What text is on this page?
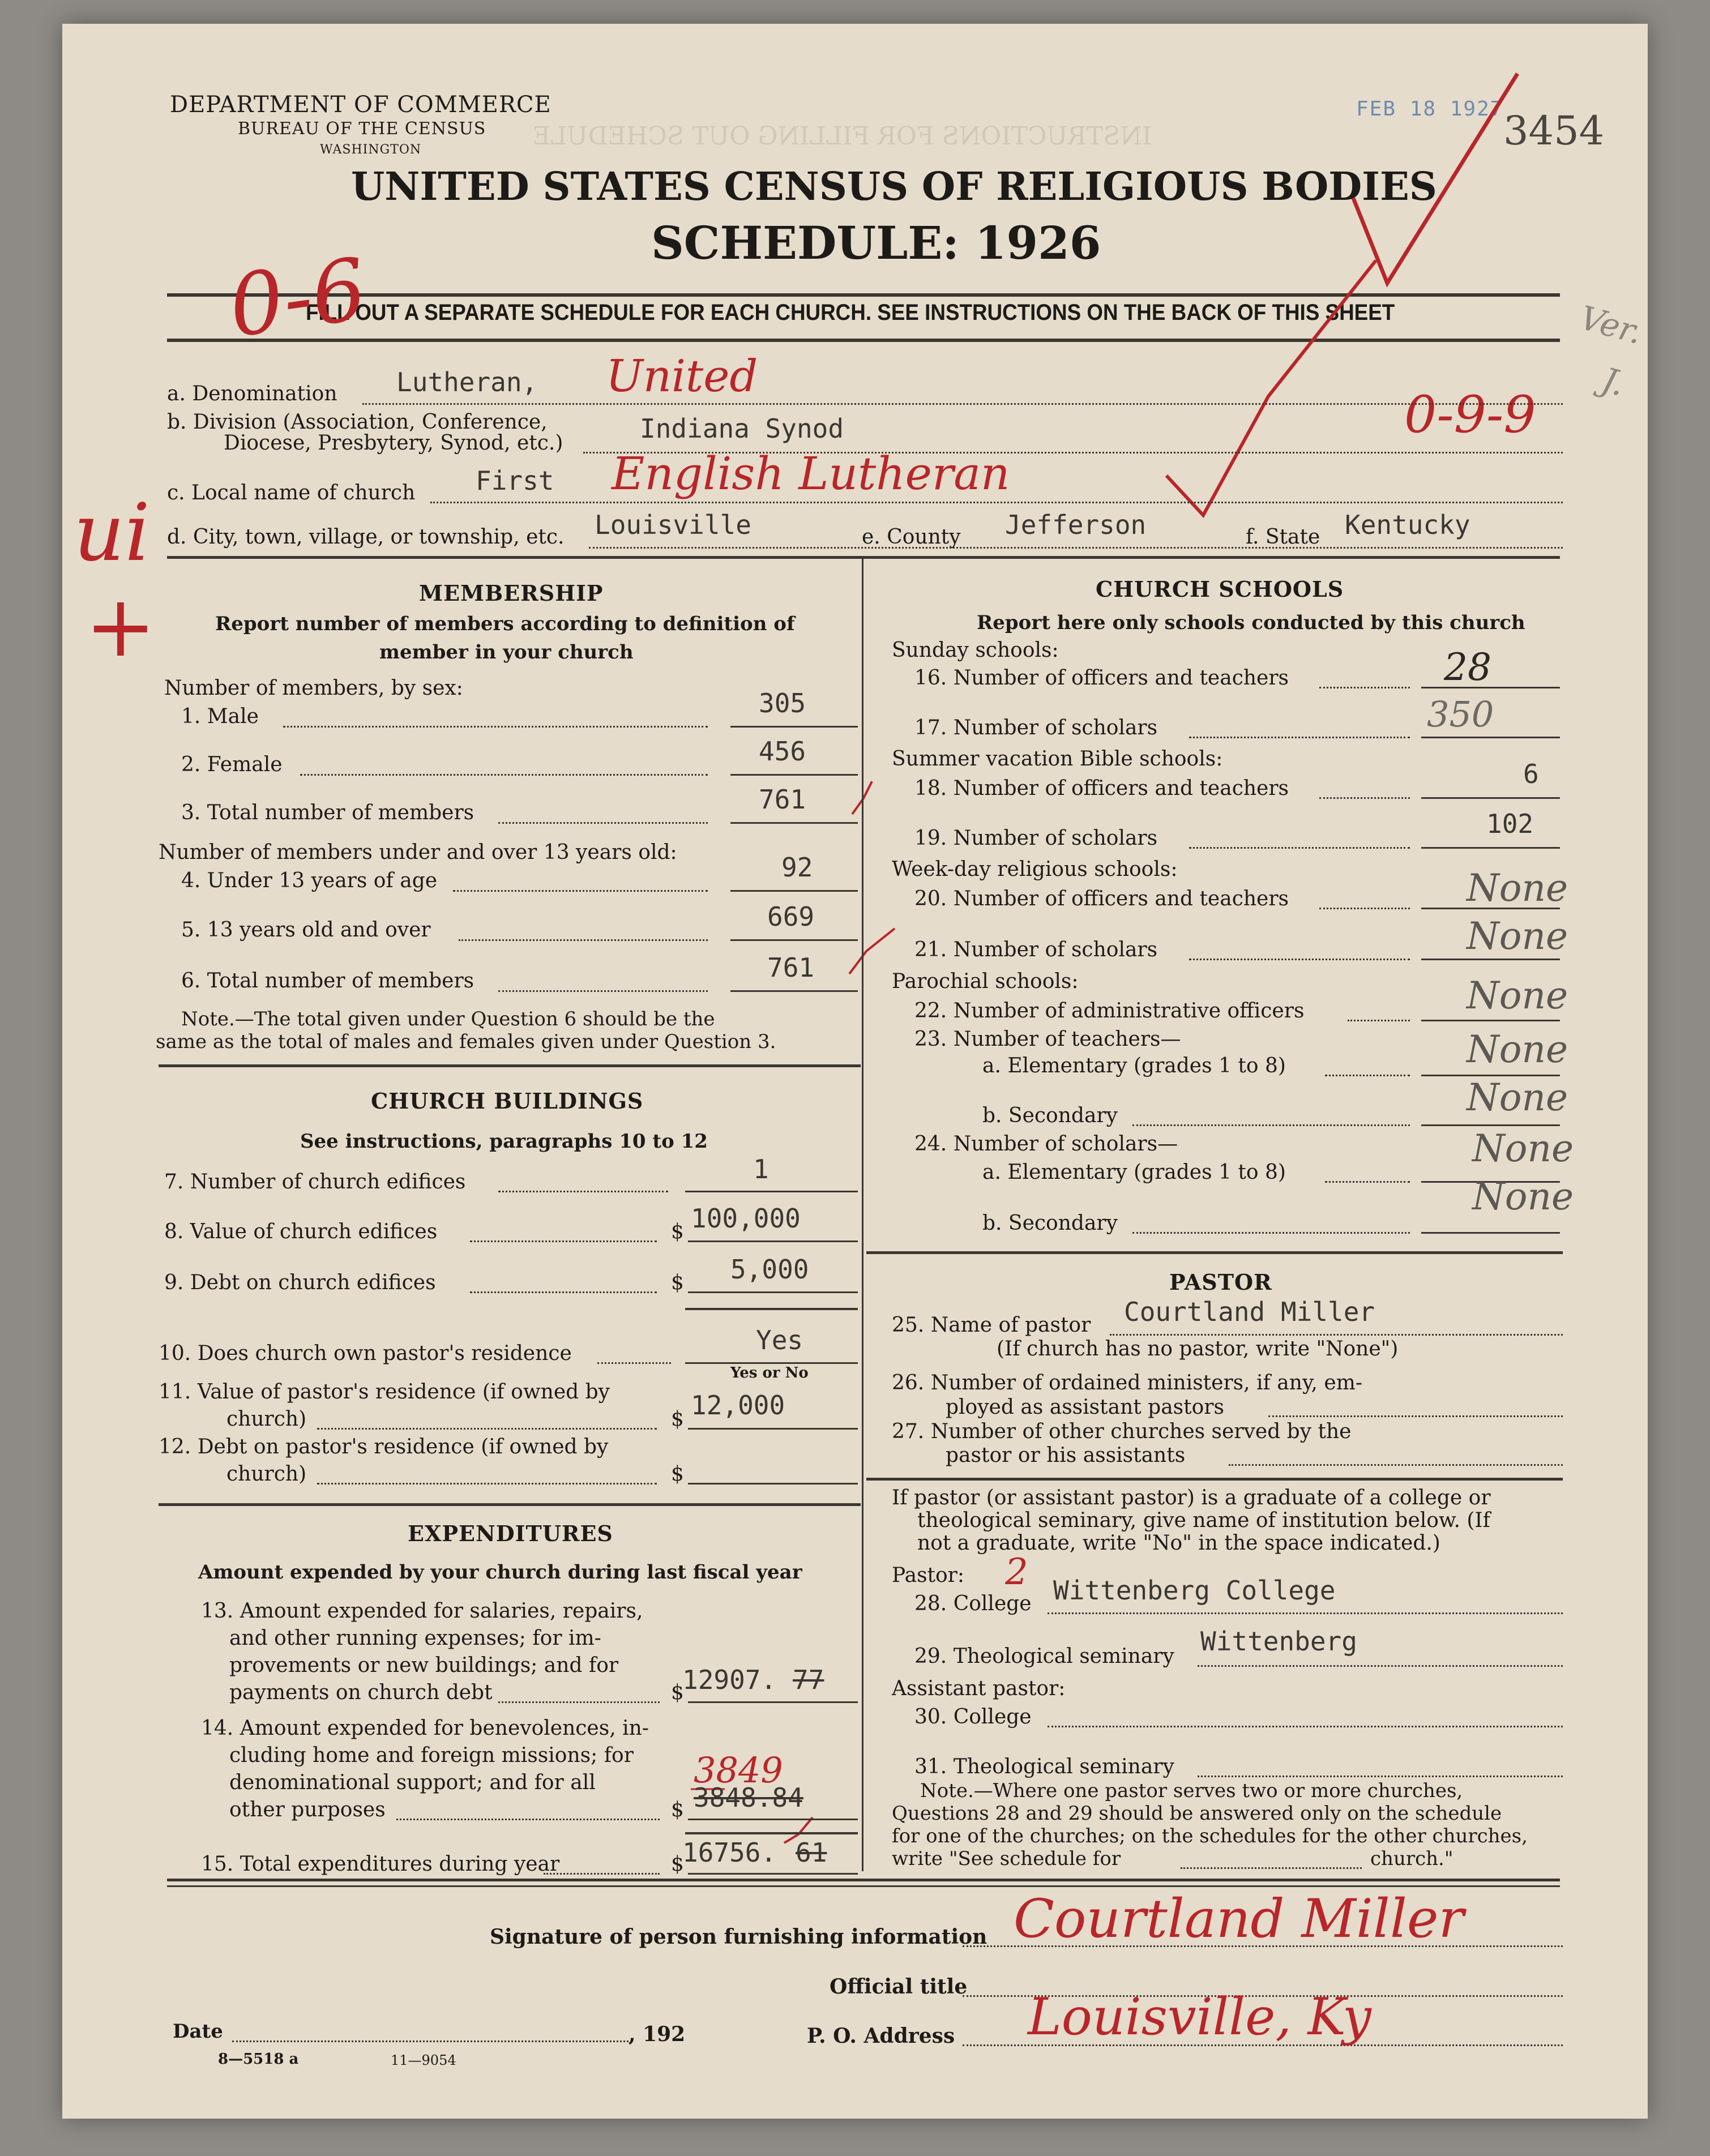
INSTRUCTIONS FOR FILLING OUT SCHEDULE
DEPARTMENT OF COMMERCE
BUREAU OF THE CENSUS
WASHINGTON
FEB 18 1927 3454
UNITED STATES CENSUS OF RELIGIOUS BODIES
SCHEDULE: 1926
FILL OUT A SEPARATE SCHEDULE FOR EACH CHURCH. SEE INSTRUCTIONS ON THE BACK OF THIS SHEET
0-6
0-9-9
ui
+
Ver.
J.
a. Denomination Lutheran, United
b. Division (Association, Conference,
Diocese, Presbytery, Synod, etc.)	Indiana Synod
c. Local name of church First English Lutheran
d. City, town, village, or township, etc. Louisville	e. County Jefferson	f. State Kentucky
MEMBERSHIP
Report number of members according to definition of
member in your church
Number of members, by sex:
1. Male	305
2. Female	456
3. Total number of members	761
Number of members under and over 13 years old:
4. Under 13 years of age	92
5. 13 years old and over	669
6. Total number of members	761
Note.—The total given under Question 6 should be the
same as the total of males and females given under Question 3.
CHURCH BUILDINGS
See instructions, paragraphs 10 to 12
7. Number of church edifices	1
8. Value of church edifices	$ 100,000
9. Debt on church edifices	$ 5,000
10. Does church own pastor's residence	Yes
Yes or No
11. Value of pastor's residence (if owned by
church)	$ 12,000
12. Debt on pastor's residence (if owned by
church)	$
EXPENDITURES
Amount expended by your church during last fiscal year
13. Amount expended for salaries, repairs,
and other running expenses; for im-
provements or new buildings; and for
payments on church debt	$
12907. 77
14. Amount expended for benevolences, in-
cluding home and foreign missions; for
denominational support; and for all
other purposes	$ 3848.84
3849
15. Total expenditures during year	$
16756. 61
CHURCH SCHOOLS
Report here only schools conducted by this church
Sunday schools:
16. Number of officers and teachers	28
17. Number of scholars	350
Summer vacation Bible schools:
18. Number of officers and teachers	6
19. Number of scholars	102
Week-day religious schools:
20. Number of officers and teachers	None
21. Number of scholars	None
Parochial schools:
22. Number of administrative officers	None
23. Number of teachers—
a. Elementary (grades 1 to 8)	None
b. Secondary	None
24. Number of scholars—
a. Elementary (grades 1 to 8)
None
b. Secondary
None
PASTOR
25. Name of pastor Courtland Miller
(If church has no pastor, write "None")
26. Number of ordained ministers, if any, em-
ployed as assistant pastors
27. Number of other churches served by the
pastor or his assistants
If pastor (or assistant pastor) is a graduate of a college or
theological seminary, give name of institution below. (If
not a graduate, write "No" in the space indicated.)
Pastor: 2
28. College Wittenberg College
29. Theological seminary Wittenberg
Assistant pastor:
30. College
31. Theological seminary
Note.—Where one pastor serves two or more churches,
Questions 28 and 29 should be answered only on the schedule
for one of the churches; on the schedules for the other churches,
write "See schedule for	church."
Signature of person furnishing information Courtland Miller
Official title
Date	, 192	P. O. Address Louisville, Ky
8—5518 a	11—9054
